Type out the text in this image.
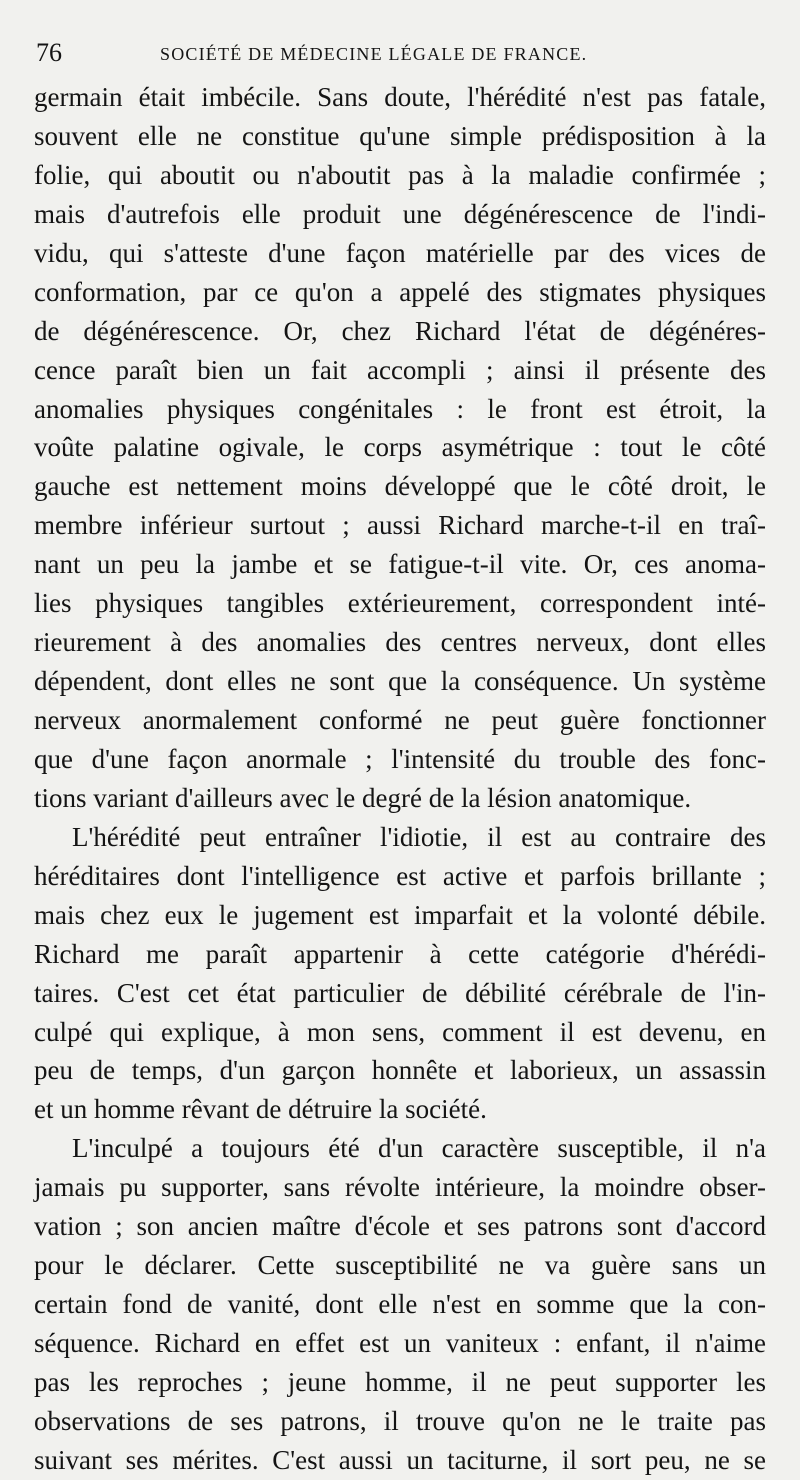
76	SOCIÉTÉ DE MÉDECINE LÉGALE DE FRANCE.
germain était imbécile. Sans doute, l'hérédité n'est pas fatale,
souvent elle ne constitue qu'une simple prédisposition à la
folie, qui aboutit ou n'aboutit pas à la maladie confirmée ;
mais d'autrefois elle produit une dégénérescence de l'indi-
vidu, qui s'atteste d'une façon matérielle par des vices de
conformation, par ce qu'on a appelé des stigmates physiques
de dégénérescence. Or, chez Richard l'état de dégénéres-
cence paraît bien un fait accompli ; ainsi il présente des
anomalies physiques congénitales : le front est étroit, la
voûte palatine ogivale, le corps asymétrique : tout le côté
gauche est nettement moins développé que le côté droit, le
membre inférieur surtout ; aussi Richard marche-t-il en traî-
nant un peu la jambe et se fatigue-t-il vite. Or, ces anoma-
lies physiques tangibles extérieurement, correspondent inté-
rieurement à des anomalies des centres nerveux, dont elles
dépendent, dont elles ne sont que la conséquence. Un système
nerveux anormalement conformé ne peut guère fonctionner
que d'une façon anormale ; l'intensité du trouble des fonc-
tions variant d'ailleurs avec le degré de la lésion anatomique.
L'hérédité peut entraîner l'idiotie, il est au contraire des
héréditaires dont l'intelligence est active et parfois brillante ;
mais chez eux le jugement est imparfait et la volonté débile.
Richard me paraît appartenir à cette catégorie d'hérédi-
taires. C'est cet état particulier de débilité cérébrale de l'in-
culpé qui explique, à mon sens, comment il est devenu, en
peu de temps, d'un garçon honnête et laborieux, un assassin
et un homme rêvant de détruire la société.
L'inculpé a toujours été d'un caractère susceptible, il n'a
jamais pu supporter, sans révolte intérieure, la moindre obser-
vation ; son ancien maître d'école et ses patrons sont d'accord
pour le déclarer. Cette susceptibilité ne va guère sans un
certain fond de vanité, dont elle n'est en somme que la con-
séquence. Richard en effet est un vaniteux : enfant, il n'aime
pas les reproches ; jeune homme, il ne peut supporter les
observations de ses patrons, il trouve qu'on ne le traite pas
suivant ses mérites. C'est aussi un taciturne, il sort peu, ne se
